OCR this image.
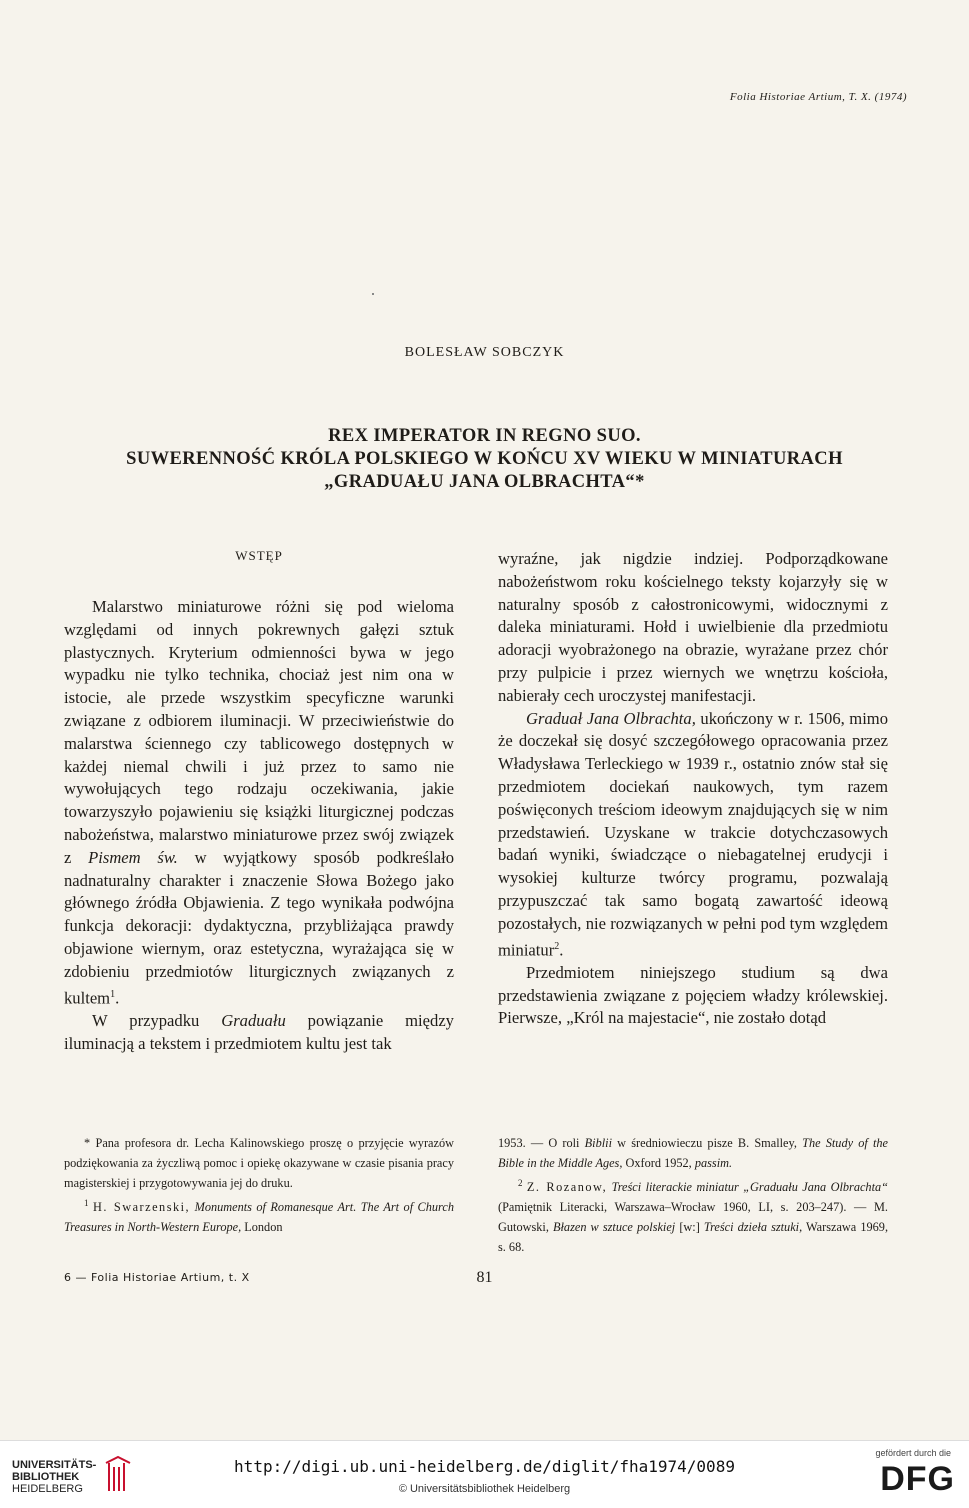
Folia Historiae Artium, T. X. (1974)
BOLESŁAW SOBCZYK
REX IMPERATOR IN REGNO SUO.
SUWERENNOŚĆ KRÓLA POLSKIEGO W KOŃCU XV WIEKU W MINIATURACH
„GRADUAŁU JANA OLBRACHTA“*
WSTĘP

Malarstwo miniaturowe różni się pod wieloma względami od innych pokrewnych gałęzi sztuk plastycznych. Kryterium odmienności bywa w jego wypadku nie tylko technika, chociaż jest nim ona w istocie, ale przede wszystkim specyficzne warunki związane z odbiorem iluminacji. W przeciwieństwie do malarstwa ściennego czy tablicowego dostępnych w każdej niemal chwili i już przez to samo nie wywołujących tego rodzaju oczekiwania, jakie towarzyszyło pojawieniu się książki liturgicznej podczas nabożeństwa, malarstwo miniaturowe przez swój związek z Pismem św. w wyjątkowy sposób podkreślało nadnaturalny charakter i znaczenie Słowa Bożego jako głównego źródła Objawienia. Z tego wynikała podwójna funkcja dekoracji: dydaktyczna, przybliżająca prawdy objawione wiernym, oraz estetyczna, wyrażająca się w zdobieniu przedmiotów liturgicznych związanych z kultem$^1$.

W przypadku Graduału powiązanie między iluminacją a tekstem i przedmiotem kultu jest tak

wyraźne, jak nigdzie indziej. Podporządkowane nabożeństwom roku kościelnego teksty kojarzyły się w naturalny sposób z całostronicowymi, widocznymi z daleka miniaturami. Hołd i uwielbienie dla przedmiotu adoracji wyobrażonego na obrazie, wyrażane przez chór przy pulpicie i przez wiernych we wnętrzu kościoła, nabierały cech uroczystej manifestacji.

Graduał Jana Olbrachta, ukończony w r. 1506, mimo że doczekał się dosyć szczegółowego opracowania przez Władysława Terleckiego w 1939 r., ostatnio znów stał się przedmiotem dociekań naukowych, tym razem poświęconych treściom ideowym znajdujących się w nim przedstawień. Uzyskane w trakcie dotychczasowych badań wyniki, świadczące o niebagatelnej erudycji i wysokiej kulturze twórcy programu, pozwalają przypuszczać tak samo bogatą zawartość ideową pozostałych, nie rozwiązanych w pełni pod tym względem miniatur$^2$.

Przedmiotem niniejszego studium są dwa przedstawienia związane z pojęciem władzy królewskiej. Pierwsze, „Król na majestacie“, nie zostało dotąd

* Pana profesora dr. Lecha Kalinowskiego proszę o przyjęcie wyrazów podziękowania za życzliwą pomoc i opiekę okazywane w czasie pisania pracy magisterskiej i przygotowywania jej do druku.

$^1$ H. Swarzenski, Monuments of Romanesque Art. The Art of Church Treasures in North-Western Europe, London

1953. — O roli Biblii w średniowieczu pisze B. Smalley, The Study of the Bible in the Middle Ages, Oxford 1952, passim.

$^2$ Z. Rozanow, Treści literackie miniatur „Graduału Jana Olbrachta“ (Pamiętnik Literacki, Warszawa–Wrocław 1960, LI, s. 203–247). — M. Gutowski, Błazen w sztuce polskiej [w:] Treści dzieła sztuki, Warszawa 1969, s. 68.

6 — Folia Historiae Artium, t. X	81
UNIVERSITÄTS-
BIBLIOTHEK
HEIDELBERG
http://digi.ub.uni-heidelberg.de/diglit/fha1974/0089
© Universitätsbibliothek Heidelberg
gefördert durch die
DFG
